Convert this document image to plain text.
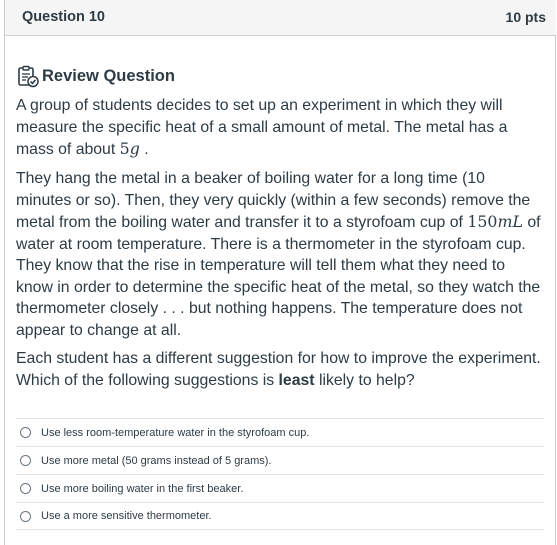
Question 10	10 pts
Review Question
A group of students decides to set up an experiment in which they will measure the specific heat of a small amount of metal. The metal has a mass of about 5g .
They hang the metal in a beaker of boiling water for a long time (10 minutes or so). Then, they very quickly (within a few seconds) remove the metal from the boiling water and transfer it to a styrofoam cup of 150mL of water at room temperature. There is a thermometer in the styrofoam cup. They know that the rise in temperature will tell them what they need to know in order to determine the specific heat of the metal, so they watch the thermometer closely . . . but nothing happens. The temperature does not appear to change at all.
Each student has a different suggestion for how to improve the experiment. Which of the following suggestions is least likely to help?
Use less room-temperature water in the styrofoam cup.
Use more metal (50 grams instead of 5 grams).
Use more boiling water in the first beaker.
Use a more sensitive thermometer.
